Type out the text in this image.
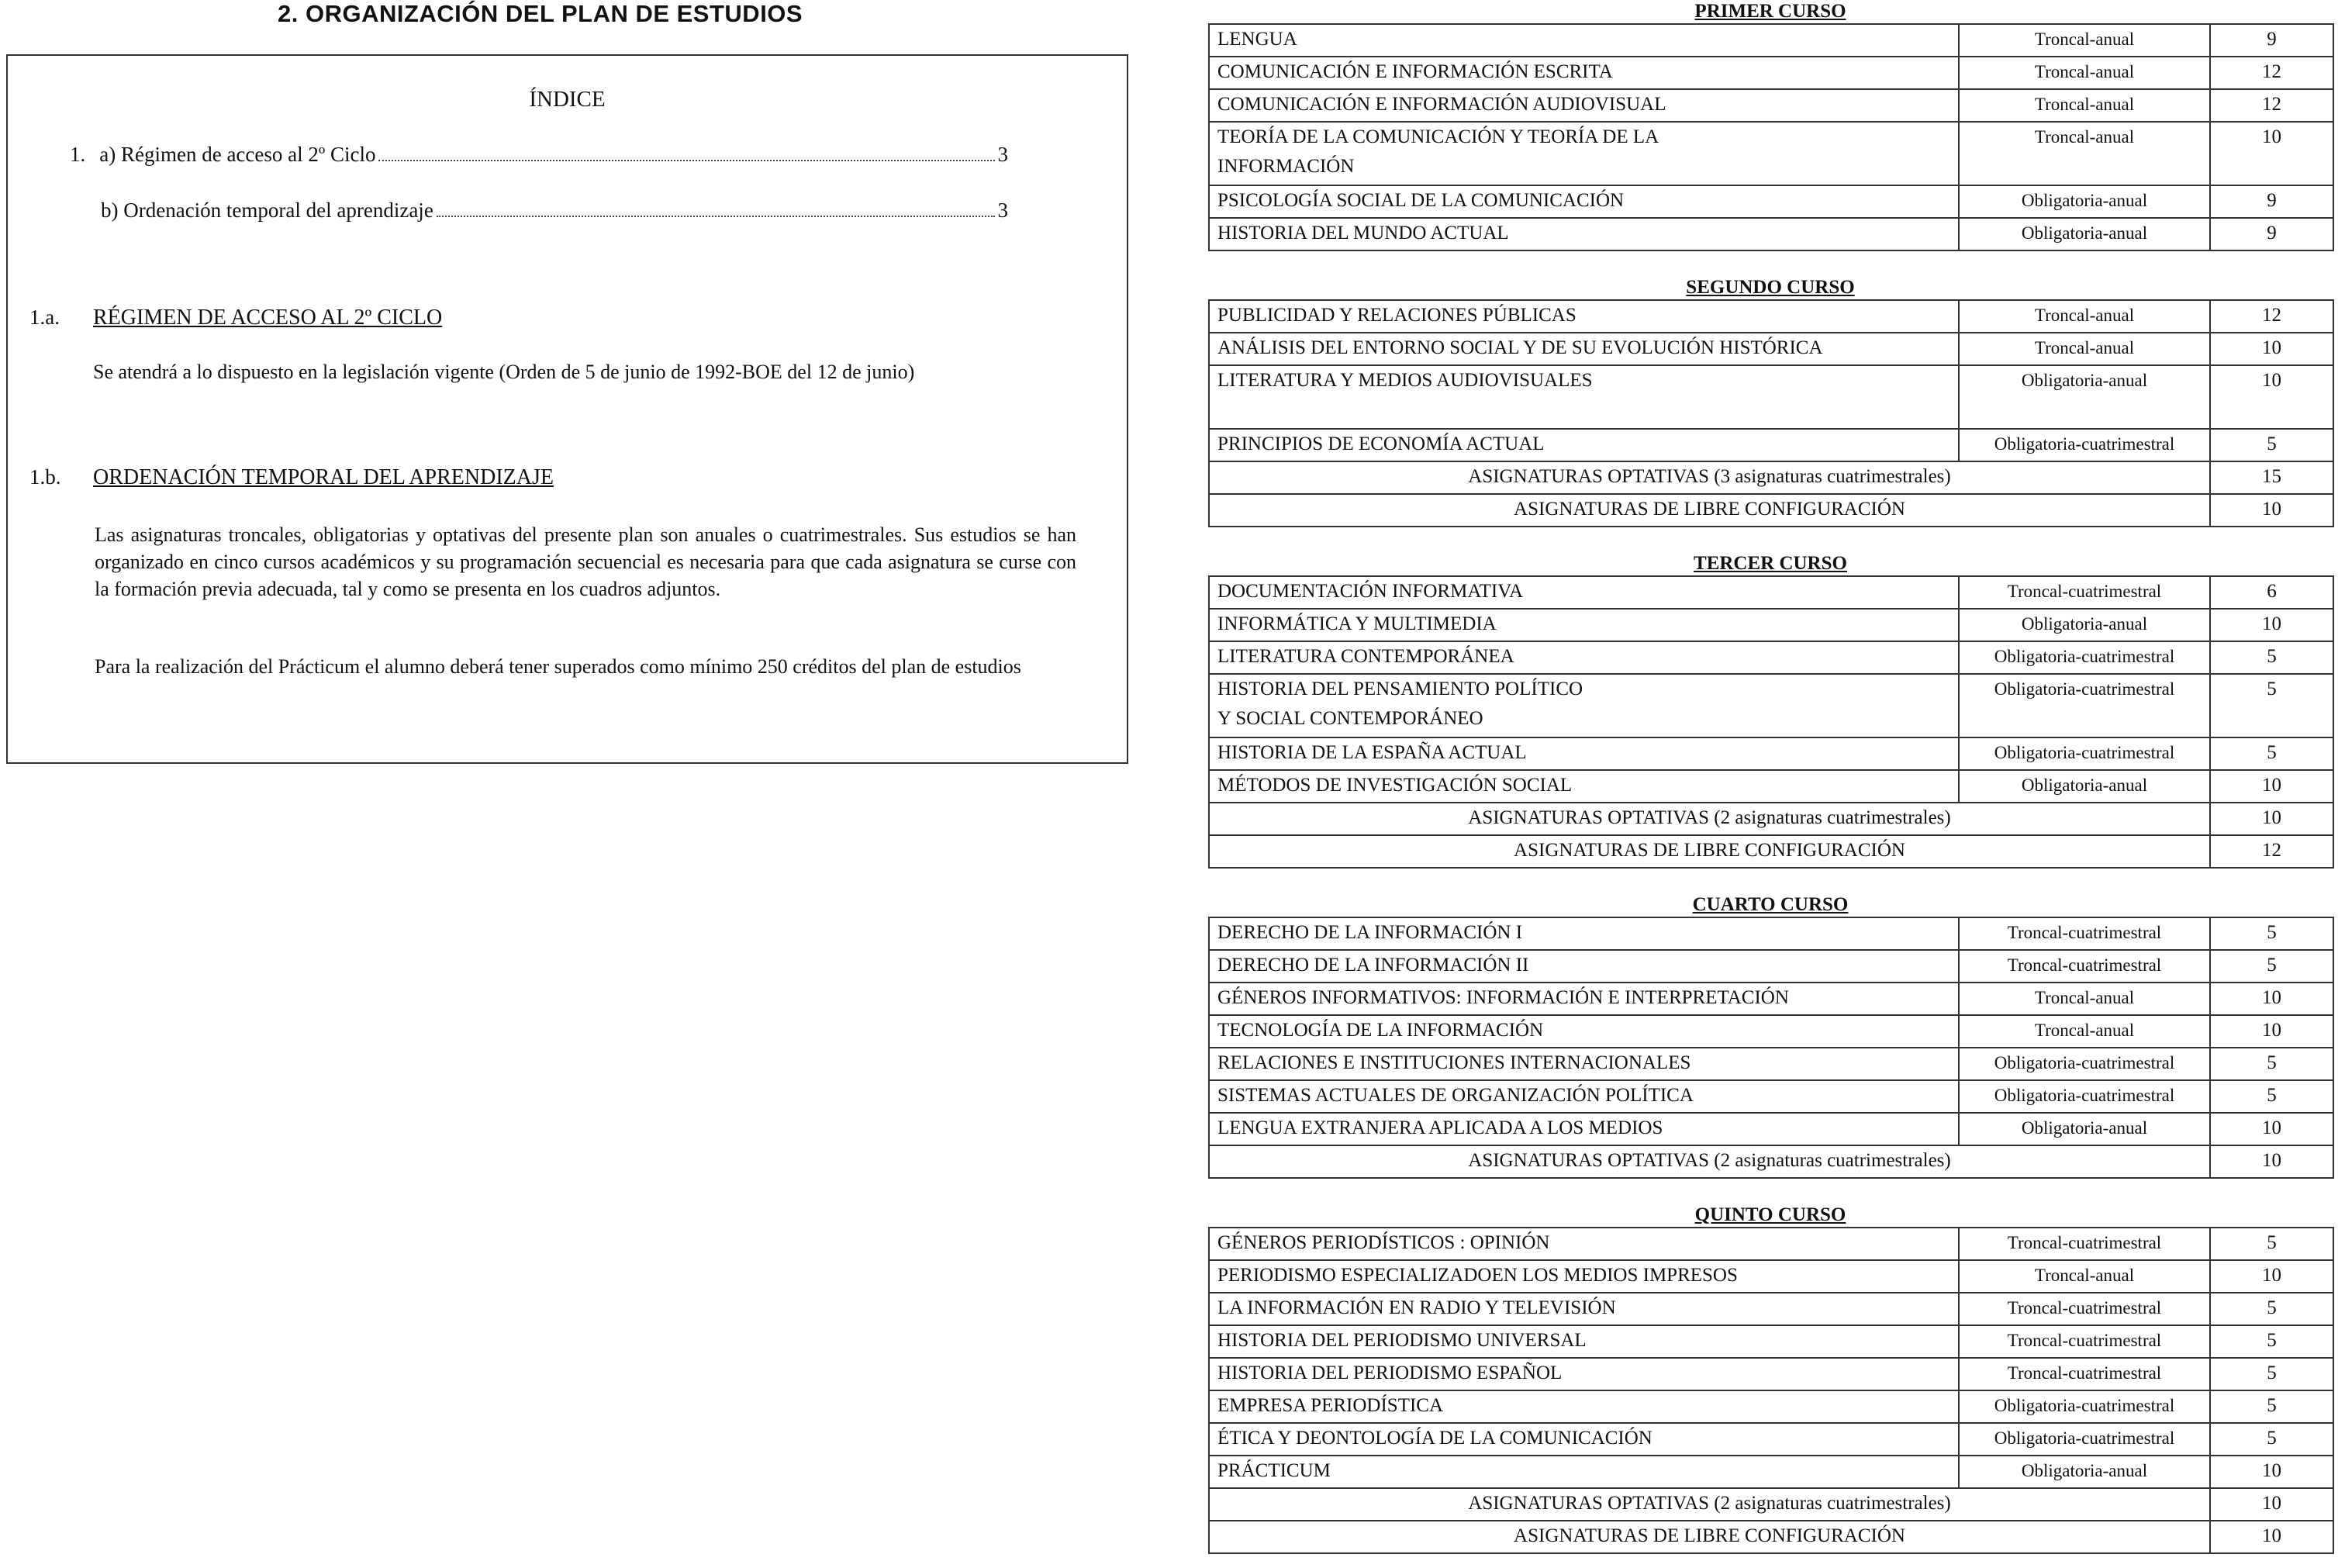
2. ORGANIZACIÓN DEL PLAN DE ESTUDIOS
ÍNDICE
1. a) Régimen de acceso al 2º Ciclo	3
b) Ordenación temporal del aprendizaje	3
1.a. RÉGIMEN DE ACCESO AL 2º CICLO
Se atendrá a lo dispuesto en la legislación vigente (Orden de 5 de junio de 1992-BOE del 12 de junio)
1.b. ORDENACIÓN TEMPORAL DEL APRENDIZAJE
Las asignaturas troncales, obligatorias y optativas del presente plan son anuales o cuatrimestrales. Sus estudios se han organizado en cinco cursos académicos y su programación secuencial es necesaria para que cada asignatura se curse con la formación previa adecuada, tal y como se presenta en los cuadros adjuntos.
Para la realización del Prácticum el alumno deberá tener superados como mínimo 250 créditos del plan de estudios
PRIMER CURSO
LENGUA	Troncal-anual	9
COMUNICACIÓN E INFORMACIÓN ESCRITA	Troncal-anual	12
COMUNICACIÓN E INFORMACIÓN AUDIOVISUAL	Troncal-anual	12
TEORÍA DE LA COMUNICACIÓN Y TEORÍA DE LA INFORMACIÓN	Troncal-anual	10
PSICOLOGÍA SOCIAL DE LA COMUNICACIÓN	Obligatoria-anual	9
HISTORIA DEL MUNDO ACTUAL	Obligatoria-anual	9
SEGUNDO CURSO
PUBLICIDAD Y RELACIONES PÚBLICAS	Troncal-anual	12
ANÁLISIS DEL ENTORNO SOCIAL Y DE SU EVOLUCIÓN HISTÓRICA	Troncal-anual	10
LITERATURA Y MEDIOS AUDIOVISUALES	Obligatoria-anual	10
PRINCIPIOS DE ECONOMÍA ACTUAL	Obligatoria-cuatrimestral	5
ASIGNATURAS OPTATIVAS (3 asignaturas cuatrimestrales)		15
ASIGNATURAS DE LIBRE CONFIGURACIÓN		10
TERCER CURSO
DOCUMENTACIÓN INFORMATIVA	Troncal-cuatrimestral	6
INFORMÁTICA Y MULTIMEDIA	Obligatoria-anual	10
LITERATURA CONTEMPORÁNEA	Obligatoria-cuatrimestral	5
HISTORIA DEL PENSAMIENTO POLÍTICO Y SOCIAL CONTEMPORÁNEO	Obligatoria-cuatrimestral	5
HISTORIA DE LA ESPAÑA ACTUAL	Obligatoria-cuatrimestral	5
MÉTODOS DE INVESTIGACIÓN SOCIAL	Obligatoria-anual	10
ASIGNATURAS OPTATIVAS (2 asignaturas cuatrimestrales)		10
ASIGNATURAS DE LIBRE CONFIGURACIÓN		12
CUARTO CURSO
DERECHO DE LA INFORMACIÓN I	Troncal-cuatrimestral	5
DERECHO DE LA INFORMACIÓN II	Troncal-cuatrimestral	5
GÉNEROS INFORMATIVOS: INFORMACIÓN E INTERPRETACIÓN	Troncal-anual	10
TECNOLOGÍA DE LA INFORMACIÓN	Troncal-anual	10
RELACIONES E INSTITUCIONES INTERNACIONALES	Obligatoria-cuatrimestral	5
SISTEMAS ACTUALES DE ORGANIZACIÓN POLÍTICA	Obligatoria-cuatrimestral	5
LENGUA EXTRANJERA APLICADA A LOS MEDIOS	Obligatoria-anual	10
ASIGNATURAS OPTATIVAS (2 asignaturas cuatrimestrales)		10
QUINTO CURSO
GÉNEROS PERIODÍSTICOS : OPINIÓN	Troncal-cuatrimestral	5
PERIODISMO ESPECIALIZADOEN LOS MEDIOS IMPRESOS	Troncal-anual	10
LA INFORMACIÓN EN RADIO Y TELEVISIÓN	Troncal-cuatrimestral	5
HISTORIA DEL PERIODISMO UNIVERSAL	Troncal-cuatrimestral	5
HISTORIA DEL PERIODISMO ESPAÑOL	Troncal-cuatrimestral	5
EMPRESA PERIODÍSTICA	Obligatoria-cuatrimestral	5
ÉTICA Y DEONTOLOGÍA DE LA COMUNICACIÓN	Obligatoria-cuatrimestral	5
PRÁCTICUM	Obligatoria-anual	10
ASIGNATURAS OPTATIVAS (2 asignaturas cuatrimestrales)		10
ASIGNATURAS DE LIBRE CONFIGURACIÓN		10
